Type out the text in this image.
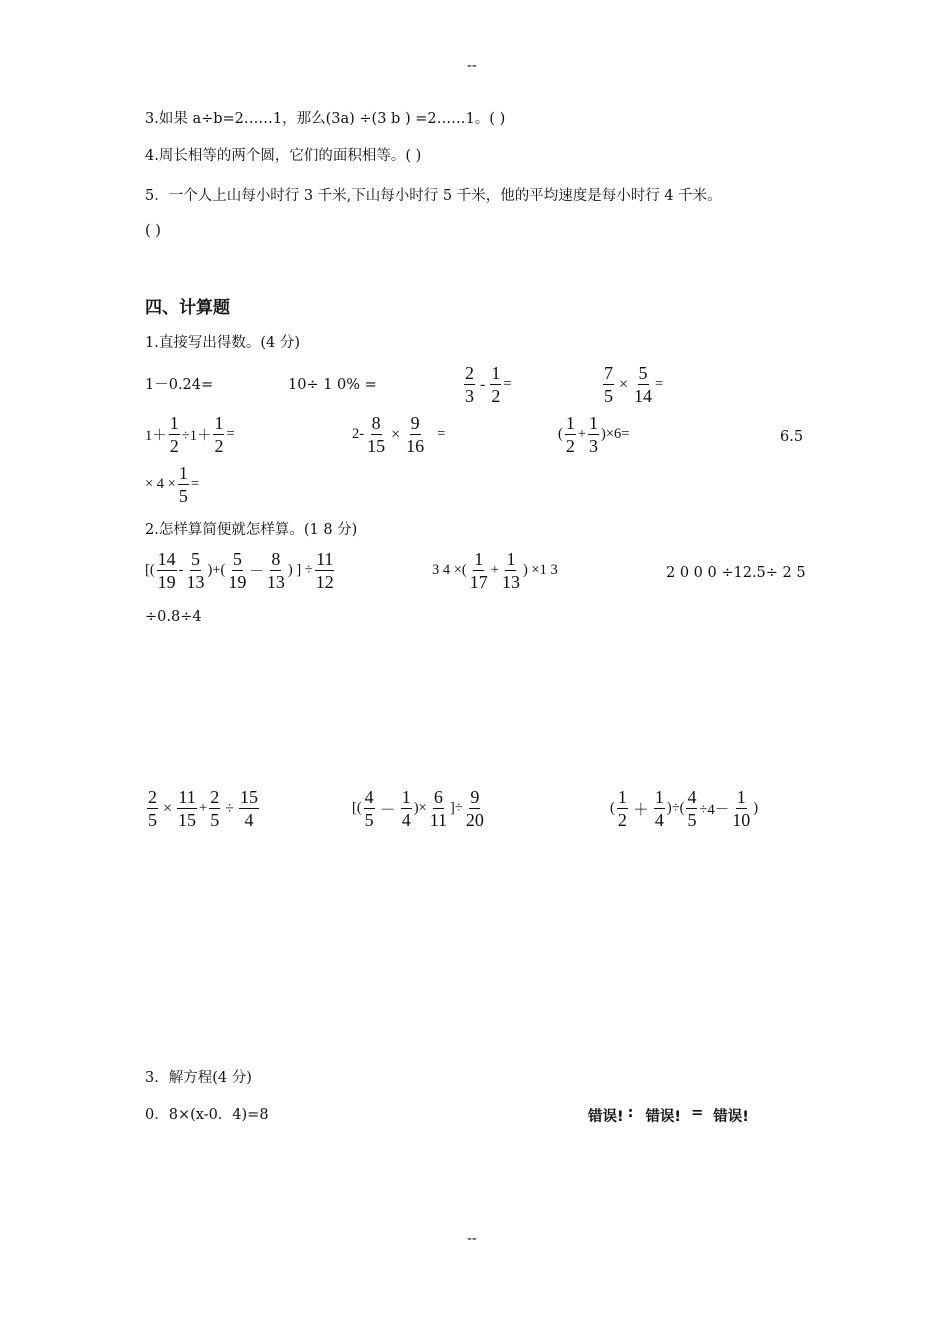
--
3.如果 a÷b=2……1，那么(3a) ÷(3 b ) =2……1。( )
4.周长相等的两个圆，它们的面积相等。( )
5．一个人上山每小时行 3 千米,下山每小时行 5 千米，他的平均速度是每小时行 4 千米。
( )
四、计算题
1.直接写出得数。(4 分)
1－0.24=	10÷ 1 0% =	$\frac{2}{3} - \frac{1}{2}$ =	$\frac{7}{5} \times \frac{5}{14}$ =
$1+ \frac{1}{2} \div 1+ \frac{1}{2}$ =	$2- \frac{8}{15} \times \frac{9}{16}$ =	( $\frac{1}{2} + \frac{1}{3} )\times 6=$	6.5
× $4 \times \frac{1}{5}$ =
2.怎样算简便就怎样算。(1 8 分)
[( $\frac{14}{19} - \frac{5}{13}$ )+( $\frac{5}{19} - \frac{8}{13}$ ) ] ÷ $\frac{11}{12}$	3 4 ×( $\frac{1}{17} + \frac{1}{13}$ ) ×1 3	2 0 0 0 ÷12.5÷ 2 5
÷0.8÷4
$\frac{2}{5} \times \frac{11}{15} + \frac{2}{5} \div \frac{15}{4}$	[( $\frac{4}{5} - \frac{1}{4}$ )× $\frac{6}{11}$ ]÷ $\frac{9}{20}$	( $\frac{1}{2} + \frac{1}{4}$ )÷( $\frac{4}{5} \div 4- \frac{1}{10}$ )
3．解方程(4 分)
0．8×(x-0．4)=8	错误! : 错误! = 错误!
--
